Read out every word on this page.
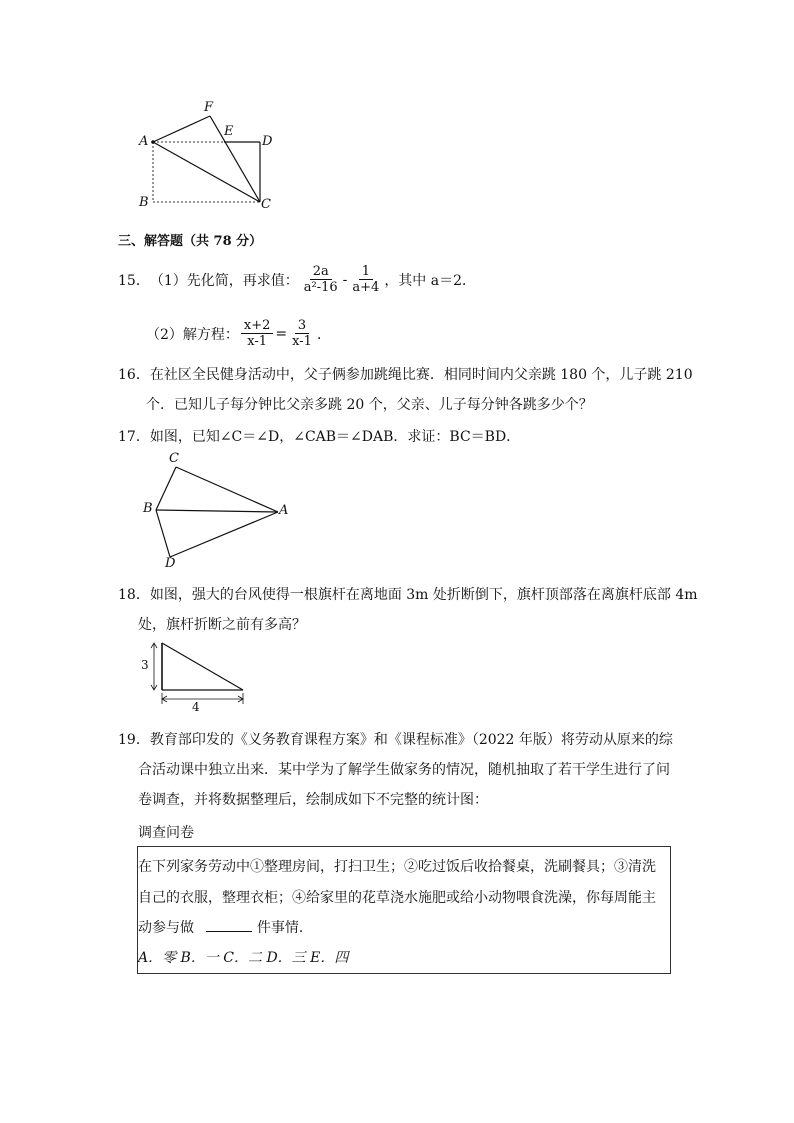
A
F
E
D
B	C
三、解答题（共 78 分）
15． （1）先化简，再求值： $\frac{2a}{\text{a²-16}} - \frac{1}{a+4}$ ，其中 a＝2．
（2）解方程： $\frac{x+2}{x-1} = \frac{3}{x-1}$ ．
16．在社区全民健身活动中，父子俩参加跳绳比赛．相同时间内父亲跳 180 个，儿子跳 210
个．已知儿子每分钟比父亲多跳 20 个，父亲、儿子每分钟各跳多少个？
17．如图，已知∠C＝∠D，∠CAB＝∠DAB．求证：BC＝BD．
C
B	A
D
18．如图，强大的台风使得一根旗杆在离地面 3m 处折断倒下，旗杆顶部落在离旗杆底部 4m
处，旗杆折断之前有多高？
3
4
19．教育部印发的《义务教育课程方案》和《课程标准》（2022 年版）将劳动从原来的综
合活动课中独立出来．某中学为了解学生做家务的情况，随机抽取了若干学生进行了问
卷调查，并将数据整理后，绘制成如下不完整的统计图：
调查问卷
在下列家务劳动中①整理房间，打扫卫生；②吃过饭后收拾餐桌，洗刷餐具；③清洗
自己的衣服，整理衣柜；④给家里的花草浇水施肥或给小动物喂食洗澡，你每周能主
动参与做	件事情．
A．零 B．一 C．二 D．三 E．四
